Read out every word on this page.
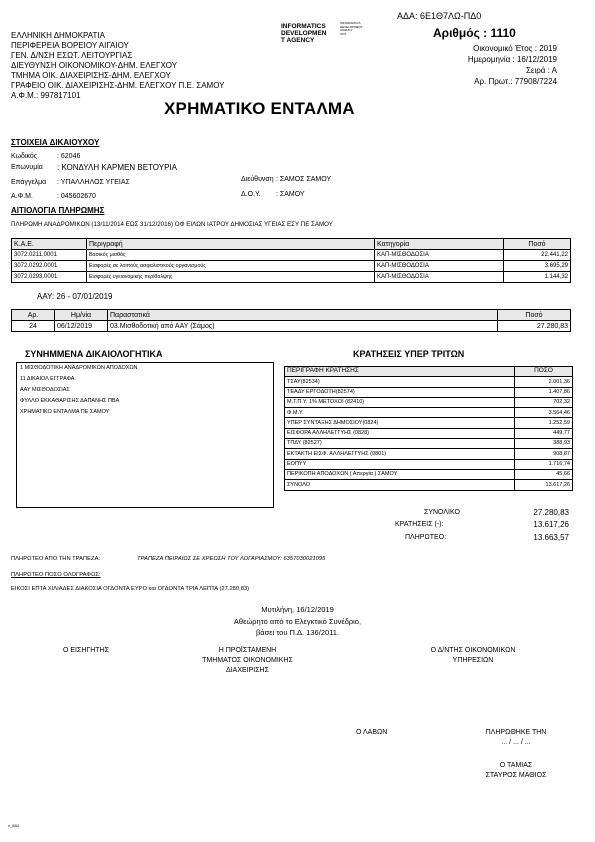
ΑΔΑ: 6Ε1Θ7ΛΩ-ΠΔ0
ΕΛΛΗΝΙΚΗ ΔΗΜΟΚΡΑΤΙΑ
ΠΕΡΙΦΕΡΕΙΑ ΒΟΡΕΙΟΥ ΑΙΓΑΙΟΥ
ΓΕΝ. Δ/ΝΣΗ ΕΣΩΤ. ΛΕΙΤΟΥΡΓΙΑΣ
ΔΙΕΥΘΥΝΣΗ ΟΙΚΟΝΟΜΙΚΟΥ-ΔΗΜ. ΕΛΕΓΧΟΥ
ΤΜΗΜΑ ΟΙΚ. ΔΙΑΧΕΙΡΙΣΗΣ-ΔΗΜ. ΕΛΕΓΧΟΥ
ΓΡΑΦΕΙΟ ΟΙΚ. ΔΙΑΧΕΙΡΙΣΗΣ-ΔΗΜ. ΕΛΕΓΧΟΥ Π.Ε. ΣΑΜΟΥ
Α.Φ.Μ.: 997817101
INFORMATICS
DEVELOPMEN
T AGENCY
INFORMATICS
DEVELOPMENT
AGENCY
OPS
...	Αριθμός : 1110
Οικονομικό Έτος : 2019
Ημερομηνία : 16/12/2019
Σειρά : Α
Αρ. Πρωτ.: 77908/7224
ΧΡΗΜΑΤΙΚΟ ΕΝΤΑΛΜΑ
ΣΤΟΙΧΕΙΑ ΔΙΚΑΙΟΥΧΟΥ
Κωδικός	: 62046
Επωνυμία : ΚΟΝΔΥΛΗ ΚΑΡΜΕΝ ΒΕΤΟΥΡΙΑ
Επάγγελμα : ΥΠΑΛΛΗΛΟΣ ΥΓΕΙΑΣ	Διεύθυνση : ΣΑΜΟΣ ΣΑΜΟΥ
Α.Φ.Μ.	: 045602670	Δ.Ο.Υ. : ΣΑΜΟΥ
ΑΙΤΙΟΛΟΓΙΑ ΠΛΗΡΩΜΗΣ
ΠΛΗΡΩΜΗ ΑΝΑΔΡΟΜΙΚΩΝ (13/11/2014 ΕΩΣ 31/12/2016) ΟΦ ΕΙΛΩΝ ΙΑΤΡΟΥ ΔΗΜΟΣΙΑΣ ΥΓΕΙΑΣ ΕΣΥ ΠΕ ΣΑΜΟΥ
Κ.Α.Ε.	Περιγραφή	Κατηγορία	Ποσό
3072.0211.0001	Βασικός μισθός	ΚΑΠ-ΜΙΣΘΟΔΟΣΙΑ	22.441,22
3072.0292.0001	Εισφορές σε λοιπούς ασφαλιστικούς οργανισμούς	ΚΑΠ-ΜΙΣΘΟΔΟΣΙΑ	3.695,29
3072.0293.0001	Εισφορές υγειονομικής περίθαλψης	ΚΑΠ-ΜΙΣΘΟΔΟΣΙΑ	1.144,32
ΑΑΥ: 26 - 07/01/2019
Αρ.	Ημ/νία	Παραστατικά	Ποσό
24	06/12/2019	03.Μισθοδοτική από ΑΑΥ (Σάμος)	27.280,83
ΣΥΝΗΜΜΕΝΑ ΔΙΚΑΙΟΛΟΓΗΤΙΚΑ
1 ΜΙΣΘΟΔΟΤΙΚΗ ΑΝΑΔΡΟΜΙΚΩΝ ΑΠΟΔΟΧΩΝ
11 ΔΙΚΑΙΟΛ ΕΓΓΡΑΦΑ
ΑΑΥ ΜΙΣΘΟΔΟΣΙΑΣ
ΦΥΛΛΟ ΕΚΚΑΘΑΡΙΣΗΣ ΔΑΠΑΝΗΣ ΠΒΑ
ΧΡΗΜΑΤΙΚΟ ΕΝΤΑΛΜΑ ΠΕ ΣΑΜΟΥ
ΚΡΑΤΗΣΕΙΣ ΥΠΕΡ ΤΡΙΤΩΝ
ΠΕΡΙΓΡΑΦΗ ΚΡΑΤΗΣΗΣ	ΠΟΣΟ
ΤΣΑΥ(82534)	2.001,36
ΤΕΑΔΥ ΕΡΓΟΔΟΤΗ(82574)	1.407,86
Μ.Τ.Π.Υ. 1% ΜΕΤΟΧΟΙ (82410)	702,32
Φ.Μ.Υ.	3.564,46
ΥΠΕΡ ΣΥΝΤΑΞΗΣ ΔΗΜΟΣΙΟΥ(0824)	1.252,59
ΕΙΣΦΟΡΑ ΑΛΛΗΛΕΓΓΥΗΣ (0828)	449,77
ΤΠΔΥ (82527)	388,93
ΕΚΤΑΚΤΗ ΕΙΣΦ. ΑΛΛΗΛΕΓΓΥΗΣ (0801)	908,87
ΕΟΠΥΥ	1.716,74
ΠΕΡΙΚΟΠΗ ΑΠΟΔΟΧΩΝ ( Απεργία ) ΣΑΜΟΥ	45,66
ΣΥΝΟΛΟ	13.617,26
ΣΥΝΟΛΙΚΟ	27.280,83
ΚΡΑΤΗΣΕΙΣ (-):	13.617,26
ΠΛΗΡΩΤΕΟ:	13.663,57
ΠΛΗΡΩΤΕΟ ΑΠΟ ΤΗΝ ΤΡΑΠΕΖΑ:	ΤΡΑΠΕΖΑ ΠΕΙΡΑΙΩΣ ΣΕ ΧΡΕΩΣΗ ΤΟΥ ΛΟΓΑΡΙΑΣΜΟΥ: 6357030021095
ΠΛΗΡΩΤΕΟ ΠΟΣΟ ΟΛΟΓΡΑΦΩΣ:
ΕΙΚΟΣΙ ΕΠΤΑ ΧΙΛΙΑΔΕΣ ΔΙΑΚΟΣΙΑ ΟΓΔΟΝΤΑ ΕΥΡΩ και ΟΓΔΟΝΤΑ ΤΡΙΑ ΛΕΠΤΑ (27.280,83)
Μυτιλήνη, 16/12/2019
Αθεώρητο από το Ελεγκτικό Συνέδριο,
βάσει του Π.Δ. 136/2011.
Ο ΕΙΣΗΓΗΤΗΣ	Η ΠΡΟΪΣΤΑΜΕΝΗ
ΤΜΗΜΑΤΟΣ ΟΙΚΟΝΟΜΙΚΗΣ
ΔΙΑΧΕΙΡΙΣΗΣ
Ο Δ/ΝΤΗΣ ΟΙΚΟΝΟΜΙΚΩΝ
ΥΠΗΡΕΣΙΩΝ
Ο ΛΑΒΩΝ	ΠΛΗΡΩΘΗΚΕ ΤΗΝ
... / ... / ...
Ο ΤΑΜΙΑΣ
ΣΤΑΥΡΟΣ ΜΑΘΙΟΣ
v_884
